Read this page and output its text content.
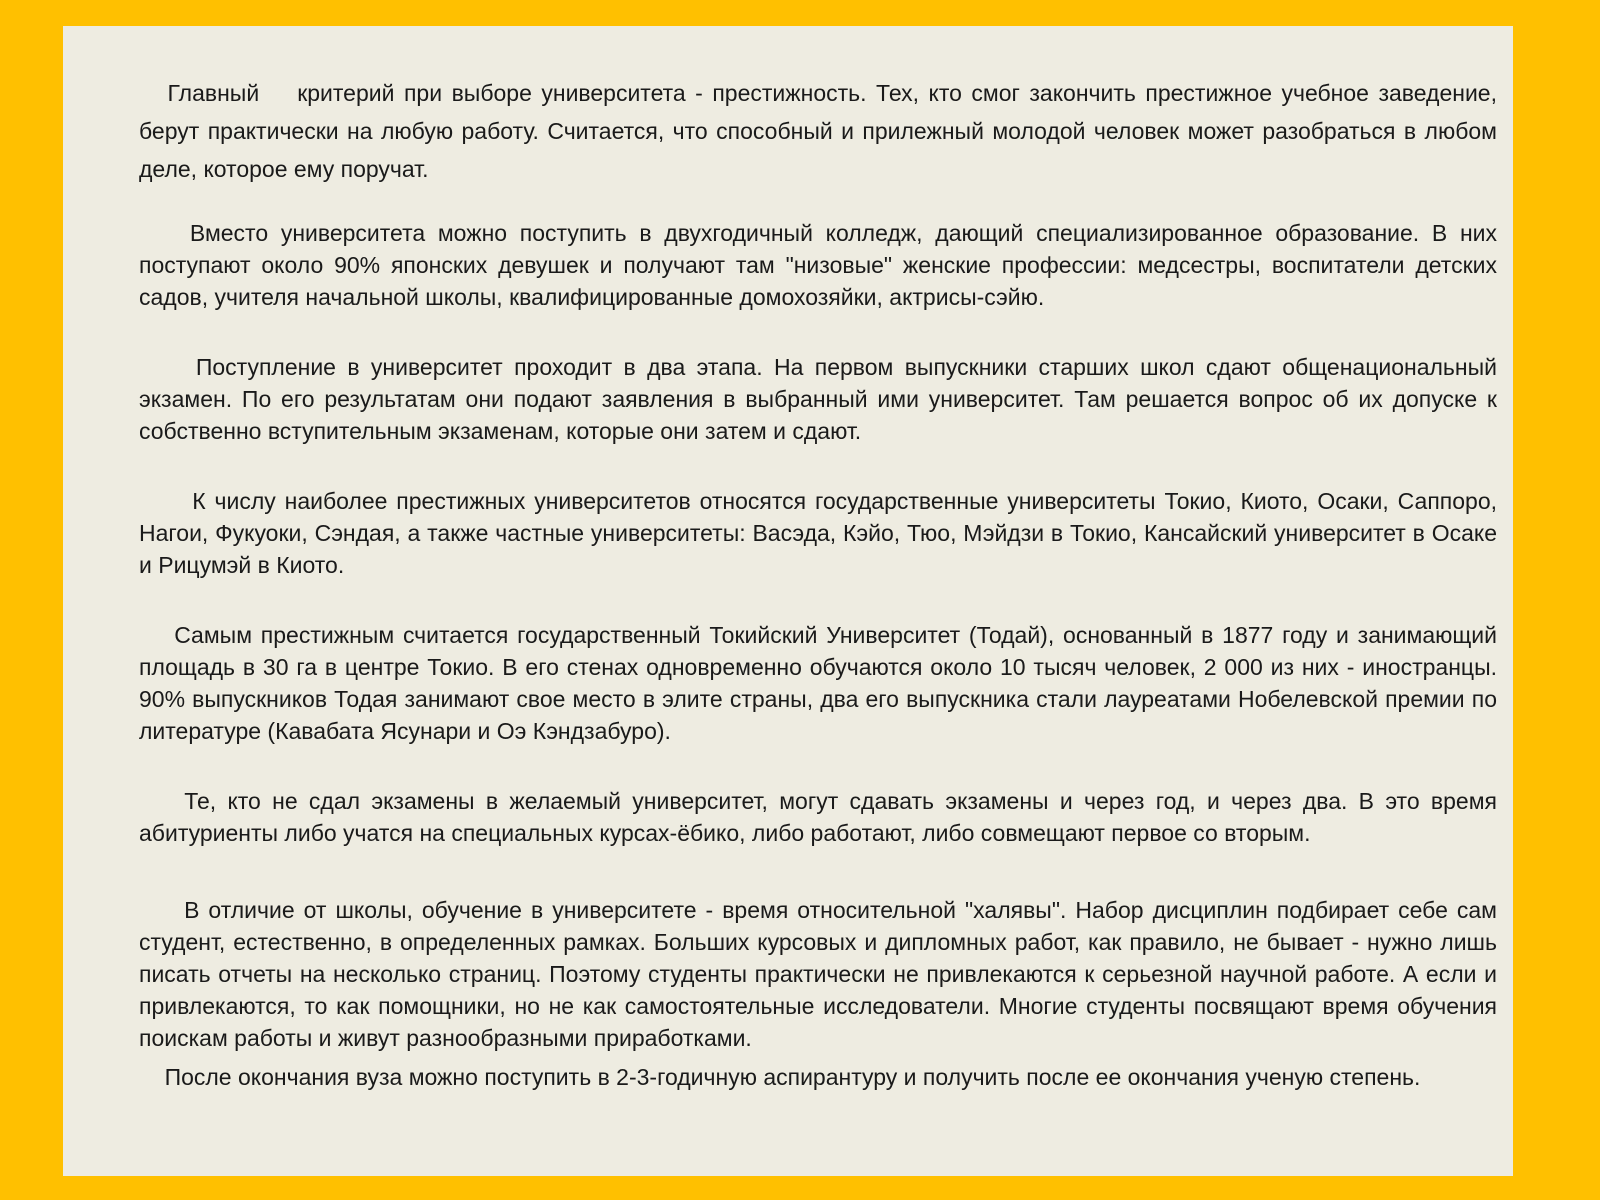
Главный    критерий при выборе университета - престижность. Тех, кто смог закончить престижное учебное заведение, берут практически на любую работу. Считается, что способный и прилежный молодой человек может разобраться в любом деле, которое ему поручат.

Вместо университета можно поступить в двухгодичный колледж, дающий специализированное образование. В них поступают около 90% японских девушек и получают там "низовые" женские профессии: медсестры, воспитатели детских садов, учителя начальной школы, квалифицированные домохозяйки, актрисы-сэйю.

Поступление в университет проходит в два этапа. На первом выпускники старших школ сдают общенациональный экзамен. По его результатам они подают заявления в выбранный ими университет. Там решается вопрос об их допуске к собственно вступительным экзаменам, которые они затем и сдают.

К числу наиболее престижных университетов относятся государственные университеты Токио, Киото, Осаки, Саппоро, Нагои, Фукуоки, Сэндая, а также частные университеты: Васэда, Кэйо, Тюо, Мэйдзи в Токио, Кансайский университет в Осаке и Рицумэй в Киото.

Самым престижным считается государственный Токийский Университет (Тодай), основанный в 1877 году и занимающий площадь в 30 га в центре Токио. В его стенах одновременно обучаются около 10 тысяч человек, 2 000 из них - иностранцы. 90% выпускников Тодая занимают свое место в элите страны, два его выпускника стали лауреатами Нобелевской премии по литературе (Кавабата Ясунари и Оэ Кэндзабуро).

Те, кто не сдал экзамены в желаемый университет, могут сдавать экзамены и через год, и через два. В это время абитуриенты либо учатся на специальных курсах-ёбико, либо работают, либо совмещают первое со вторым.

В отличие от школы, обучение в университете - время относительной "халявы". Набор дисциплин подбирает себе сам студент, естественно, в определенных рамках. Больших курсовых и дипломных работ, как правило, не бывает - нужно лишь писать отчеты на несколько страниц. Поэтому студенты практически не привлекаются к серьезной научной работе. А если и привлекаются, то как помощники, но не как самостоятельные исследователи. Многие студенты посвящают время обучения поискам работы и живут разнообразными приработками.

После окончания вуза можно поступить в 2-3-годичную аспирантуру и получить после ее окончания ученую степень.
